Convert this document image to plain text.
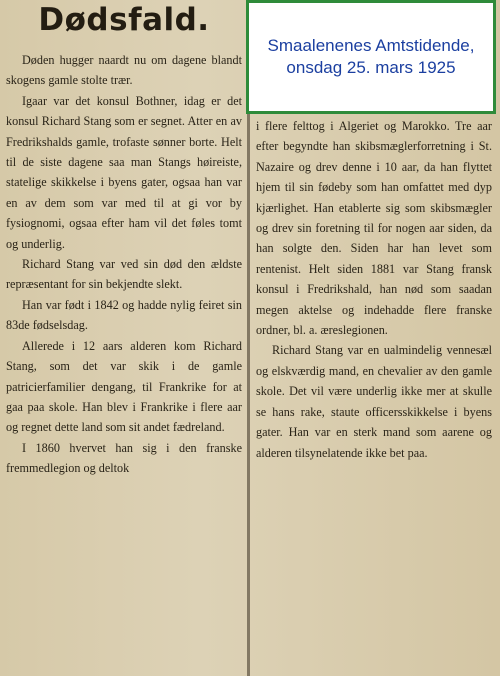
Dødsfald.

Døden hugger naardt nu om dagene blandt skogens gamle stolte trær.

Igaar var det konsul Bothner, idag er det konsul Richard Stang som er segnet. Atter en av Fredrikshalds gamle, trofaste sønner borte. Helt til de siste dagene saa man Stangs høireiste, statelige skikkelse i byens gater, ogsaa han var en av dem som var med til at gi vor by fysiognomi, ogsaa efter ham vil det føles tomt og underlig.

Richard Stang var ved sin død den ældste repræsentant for sin bekjendte slekt.

Han var født i 1842 og hadde nylig feiret sin 83de fødselsdag.

Allerede i 12 aars alderen kom Richard Stang, som det var skik i de gamle patricierfamilier dengang, til Frankrike for at gaa paa skole. Han blev i Frankrike i flere aar og regnet dette land som sit andet fædreland.

I 1860 hvervet han sig i den franske fremmedlegion og deltok

i flere felttog i Algeriet og Marokko. Tre aar efter begyndte han skibsmæglerforretning i St. Nazaire og drev denne i 10 aar, da han flyttet hjem til sin fødeby som han omfattet med dyp kjærlighet. Han etablerte sig som skibsmægler og drev sin foretning til for nogen aar siden, da han solgte den. Siden har han levet som rentenist. Helt siden 1881 var Stang fransk konsul i Fredrikshald, han nød som saadan megen aktelse og indehadde flere franske ordner, bl. a. æreslegionen.

Richard Stang var en ualmindelig vennesæl og elskværdig mand, en chevalier av den gamle skole. Det vil være underlig ikke mer at skulle se hans rake, staute officersskikkelse i byens gater. Han var en sterk mand som aarene og alderen tilsynelatende ikke bet paa.

Smaalenenes Amtstidende,
onsdag 25. mars 1925
